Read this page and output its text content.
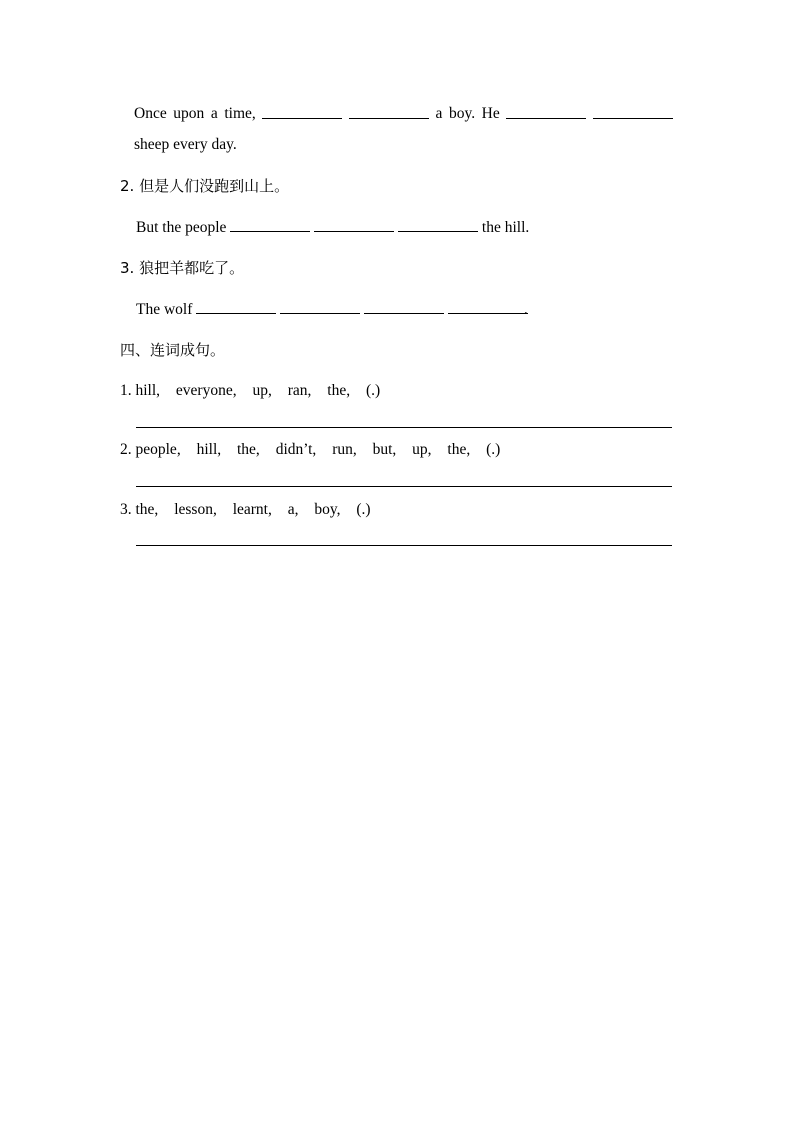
Once upon a time,	a boy. He
sheep every day.
2. 但是人们没跑到山上。
But the people	the hill.
3. 狼把羊都吃了。
The wolf	.
四、连词成句。
1. hill, everyone, up, ran, the, (.)
2. people, hill, the, didn’t, run, but, up, the, (.)
3. the, lesson, learnt, a, boy, (.)
